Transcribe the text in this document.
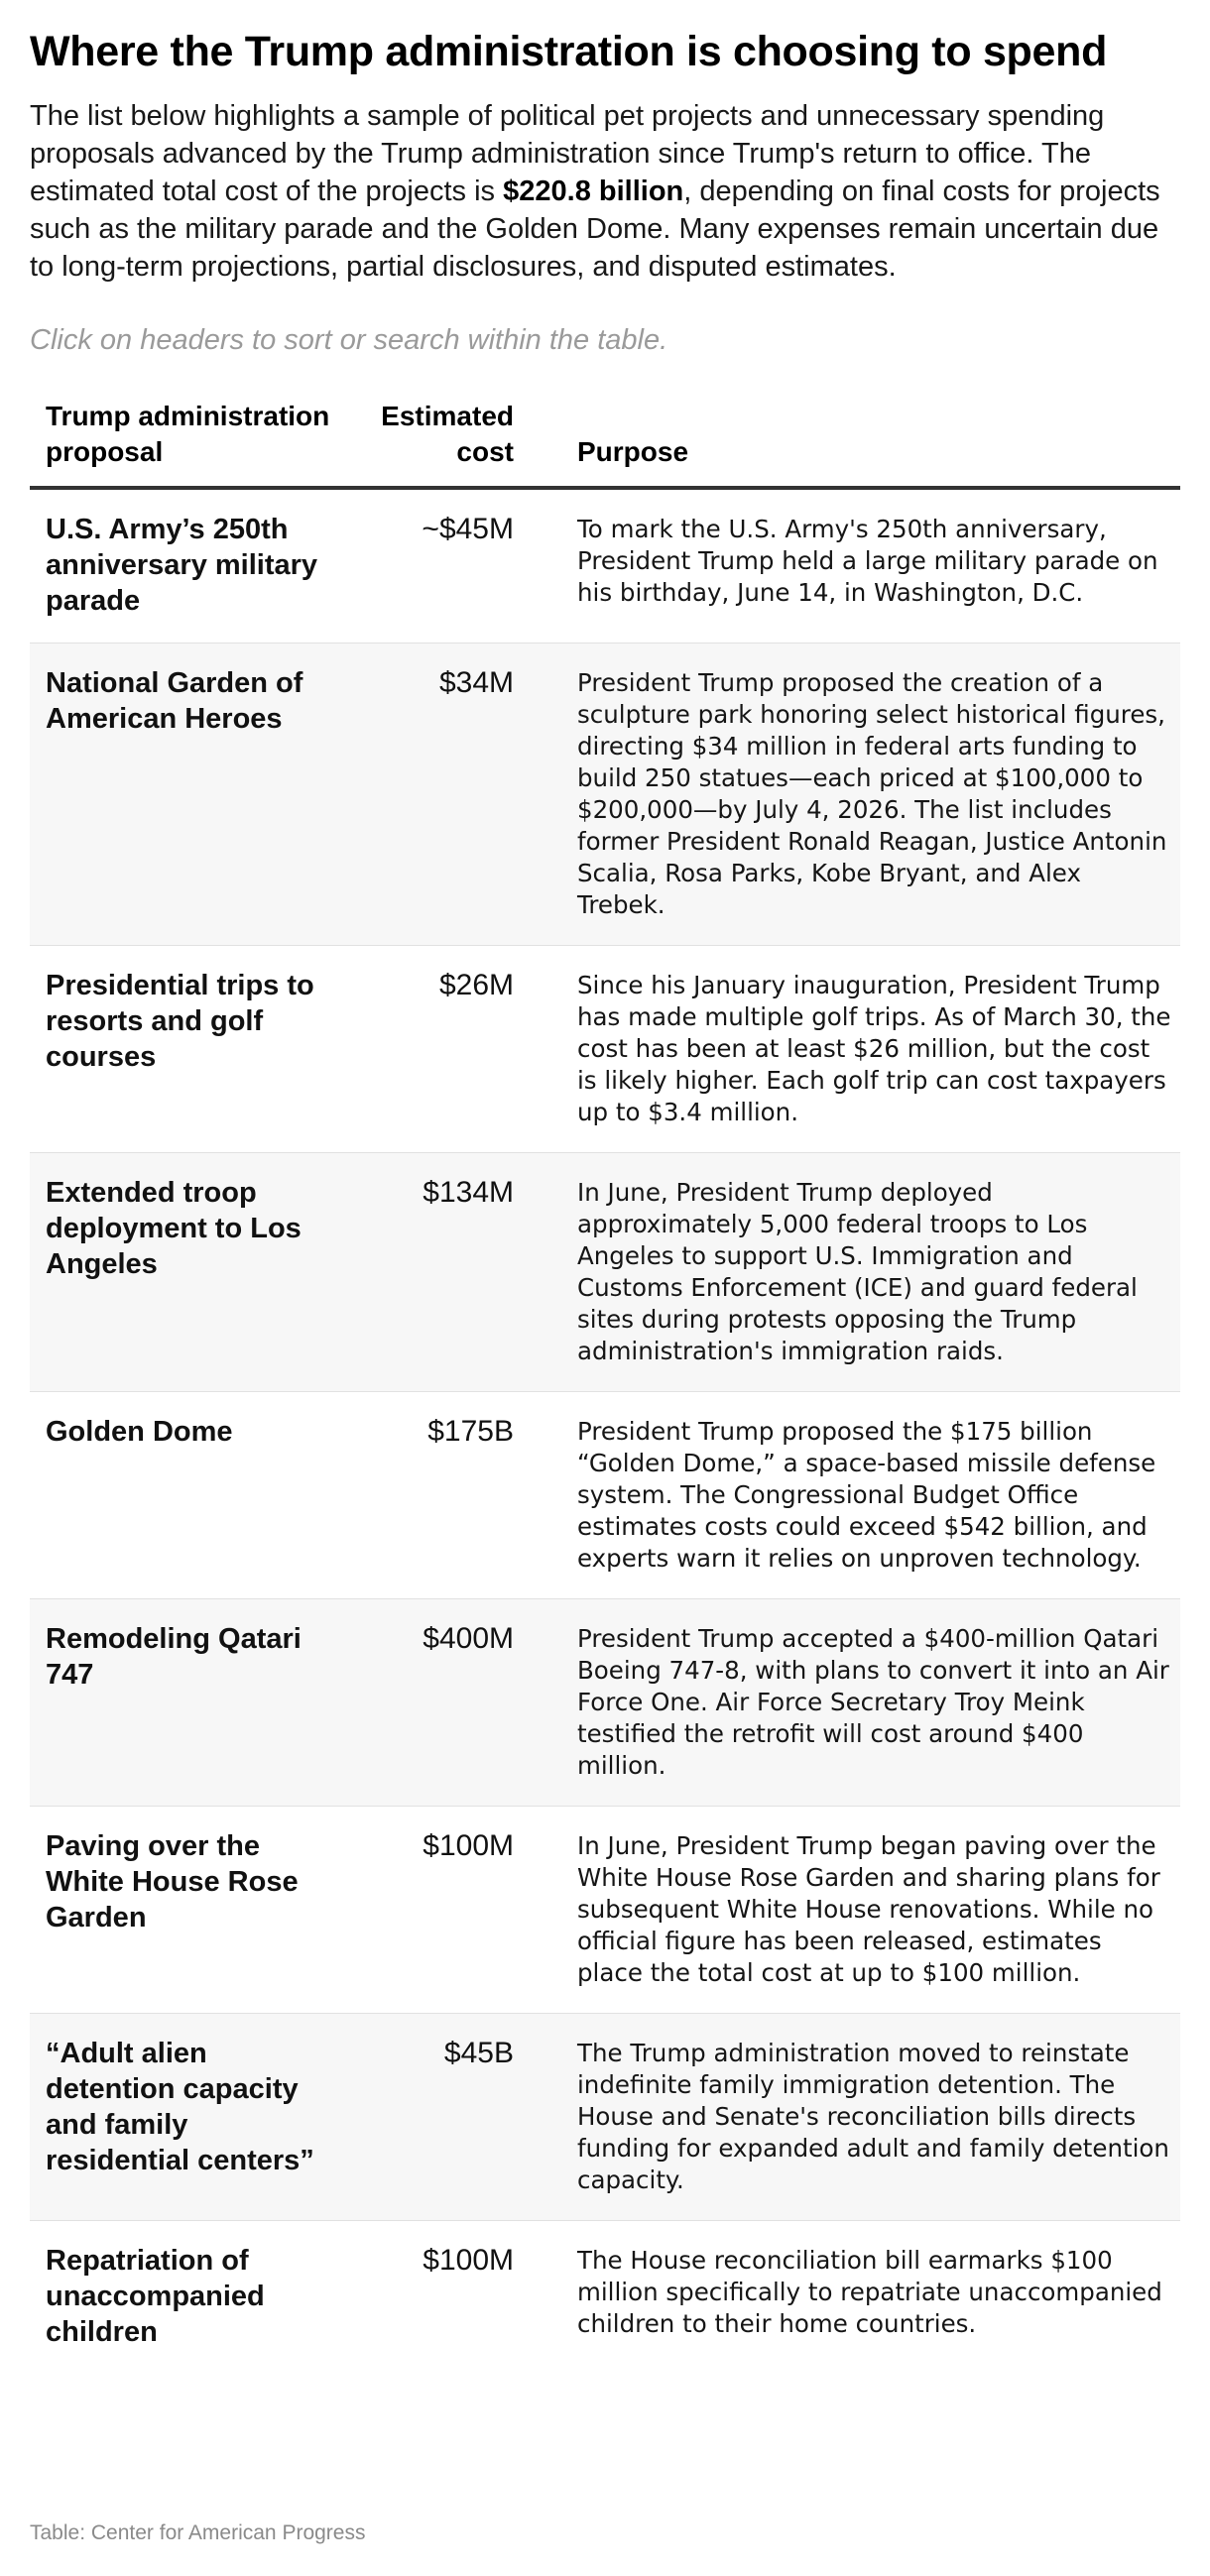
Where the Trump administration is choosing to spend

The list below highlights a sample of political pet projects and unnecessary spending proposals advanced by the Trump administration since Trump's return to office. The estimated total cost of the projects is $220.8 billion, depending on final costs for projects such as the military parade and the Golden Dome. Many expenses remain uncertain due to long-term projections, partial disclosures, and disputed estimates.

Click on headers to sort or search within the table.

Trump administration proposal	Estimated cost	Purpose
U.S. Army’s 250th anniversary military parade	~$45M	To mark the U.S. Army's 250th anniversary, President Trump held a large military parade on his birthday, June 14, in Washington, D.C.
National Garden of American Heroes	$34M	President Trump proposed the creation of a sculpture park honoring select historical figures, directing $34 million in federal arts funding to build 250 statues—each priced at $100,000 to $200,000—by July 4, 2026. The list includes former President Ronald Reagan, Justice Antonin Scalia, Rosa Parks, Kobe Bryant, and Alex Trebek.
Presidential trips to resorts and golf courses	$26M	Since his January inauguration, President Trump has made multiple golf trips. As of March 30, the cost has been at least $26 million, but the cost is likely higher. Each golf trip can cost taxpayers up to $3.4 million.
Extended troop deployment to Los Angeles	$134M	In June, President Trump deployed approximately 5,000 federal troops to Los Angeles to support U.S. Immigration and Customs Enforcement (ICE) and guard federal sites during protests opposing the Trump administration's immigration raids.
Golden Dome	$175B	President Trump proposed the $175 billion “Golden Dome,” a space-based missile defense system. The Congressional Budget Office estimates costs could exceed $542 billion, and experts warn it relies on unproven technology.
Remodeling Qatari 747	$400M	President Trump accepted a $400-million Qatari Boeing 747-8, with plans to convert it into an Air Force One. Air Force Secretary Troy Meink testified the retrofit will cost around $400 million.
Paving over the White House Rose Garden	$100M	In June, President Trump began paving over the White House Rose Garden and sharing plans for subsequent White House renovations. While no official figure has been released, estimates place the total cost at up to $100 million.
“Adult alien detention capacity and family residential centers”	$45B	The Trump administration moved to reinstate indefinite family immigration detention. The House and Senate's reconciliation bills directs funding for expanded adult and family detention capacity.
Repatriation of unaccompanied children	$100M	The House reconciliation bill earmarks $100 million specifically to repatriate unaccompanied children to their home countries.
Table: Center for American Progress
